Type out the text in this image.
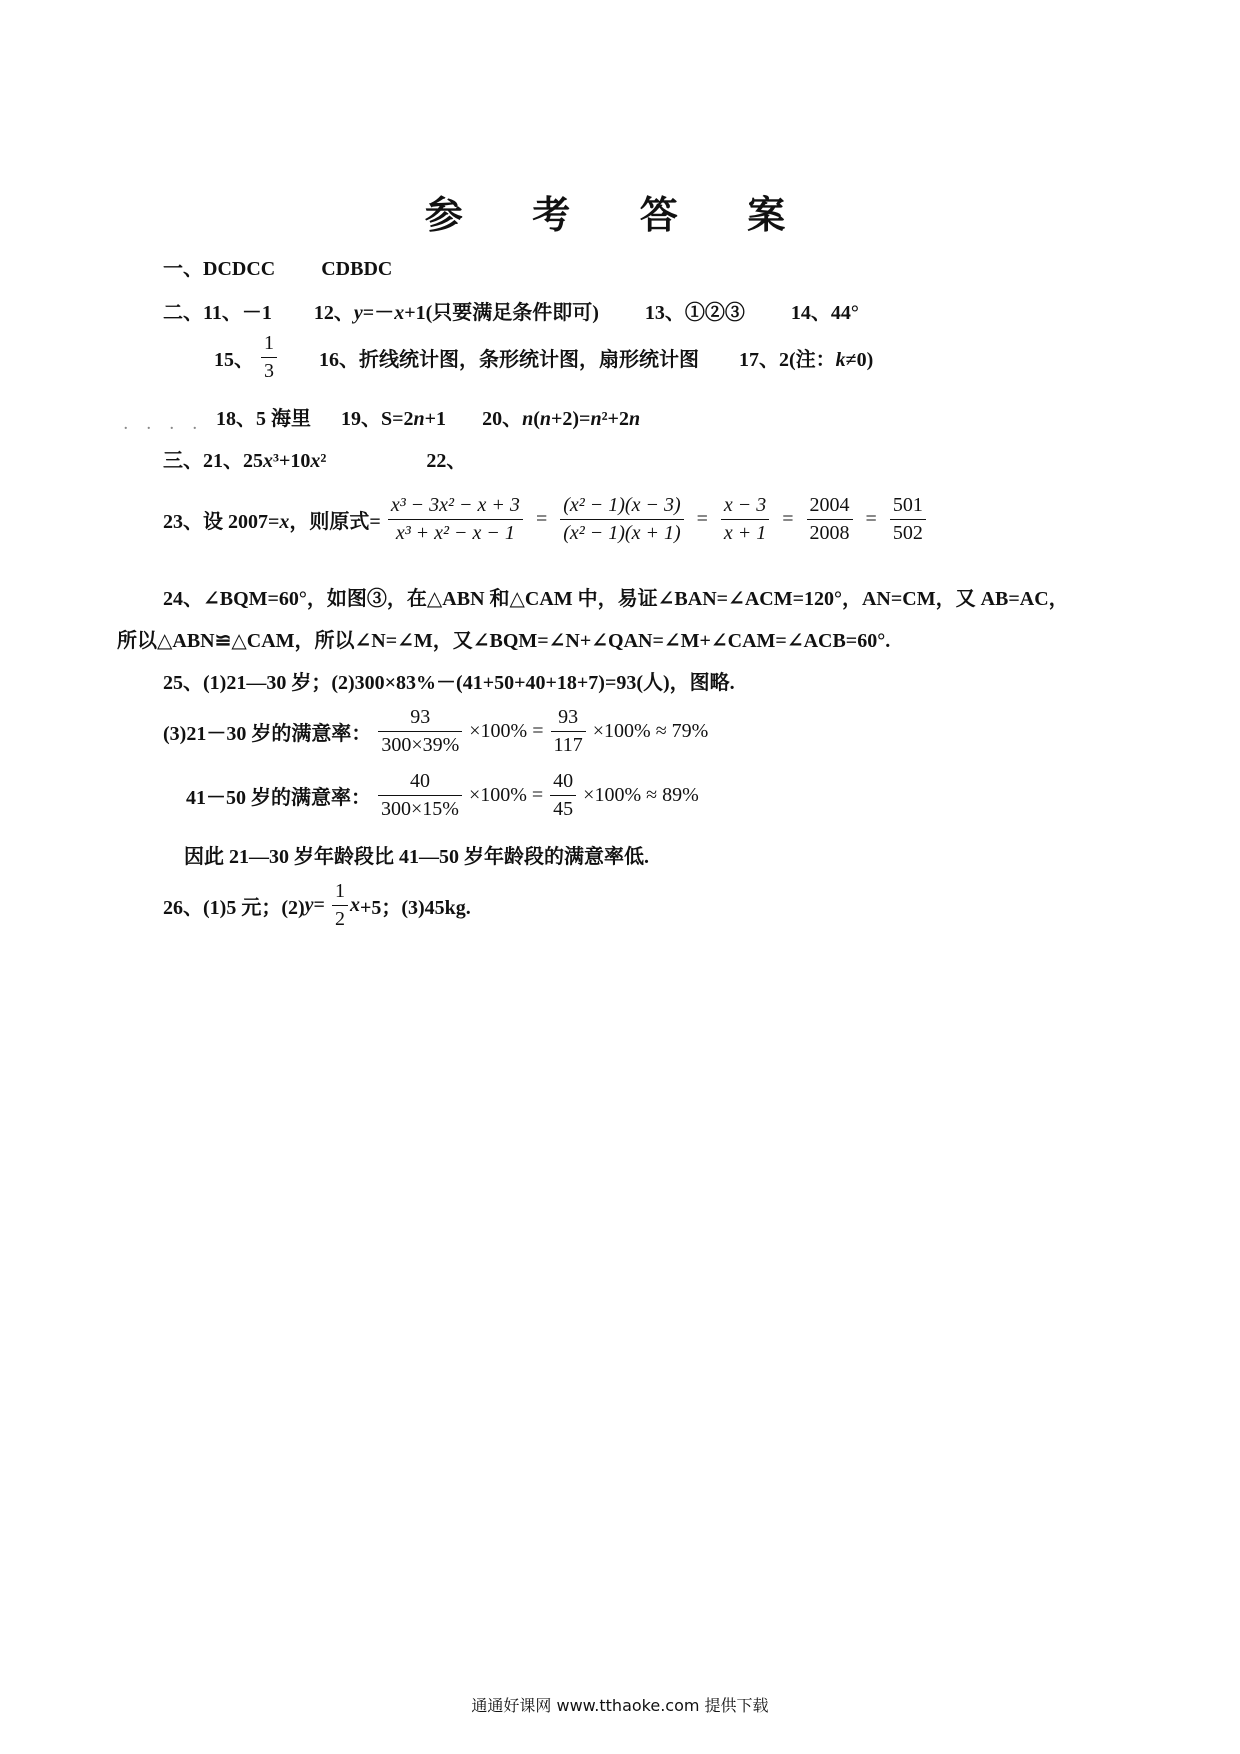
参 考 答 案
一、DCDCC CDBDC
二、11、－1 12、y=－x+1(只要满足条件即可) 13、①②③ 14、44°
15、 $\frac{1}{3} 16$、折线统计图，条形统计图，扇形统计图 17、2(注：k≠0)
. . . . 18、5 海里 19、S=2n+1 20、n(n+2)=n²+2n
三、21、25x³+10x²	22、
23、设 2007=x，则原式= $\frac{\text{x³ − 3x² − x + 3}}{\text{x³ + x² − x − 1}} = \frac{\text{(x² − 1)(x − 3)}}{\text{(x² − 1)(x + 1)}} = \frac{x - 3}{x + 1} = \frac{2004}{2008} = \frac{501}{502}$
24、∠BQM=60°，如图③，在△ABN 和△CAM 中，易证∠BAN=∠ACM=120°，AN=CM，又 AB=AC，
所以△ABN≌△CAM，所以∠N=∠M，又∠BQM=∠N+∠QAN=∠M+∠CAM=∠ACB=60°.
25、(1)21—30 岁；(2)300×83%－(41+50+40+18+7)=93(人)，图略.
(3)21－30 岁的满意率： $\frac{93}{300\times 39\%} \times 100\% = \frac{93}{117} \times 100\% \approx 79\%$
41－50 岁的满意率： $\frac{40}{300\times 15\%} \times 100\% = \frac{40}{45} \times 100\% \approx 89\%$
因此 21—30 岁年龄段比 41—50 岁年龄段的满意率低.
26、(1)5 元；$(2)y= \frac{1}{2} x+5$；(3)45kg.
通通好课网 www.tthaoke.com 提供下载
